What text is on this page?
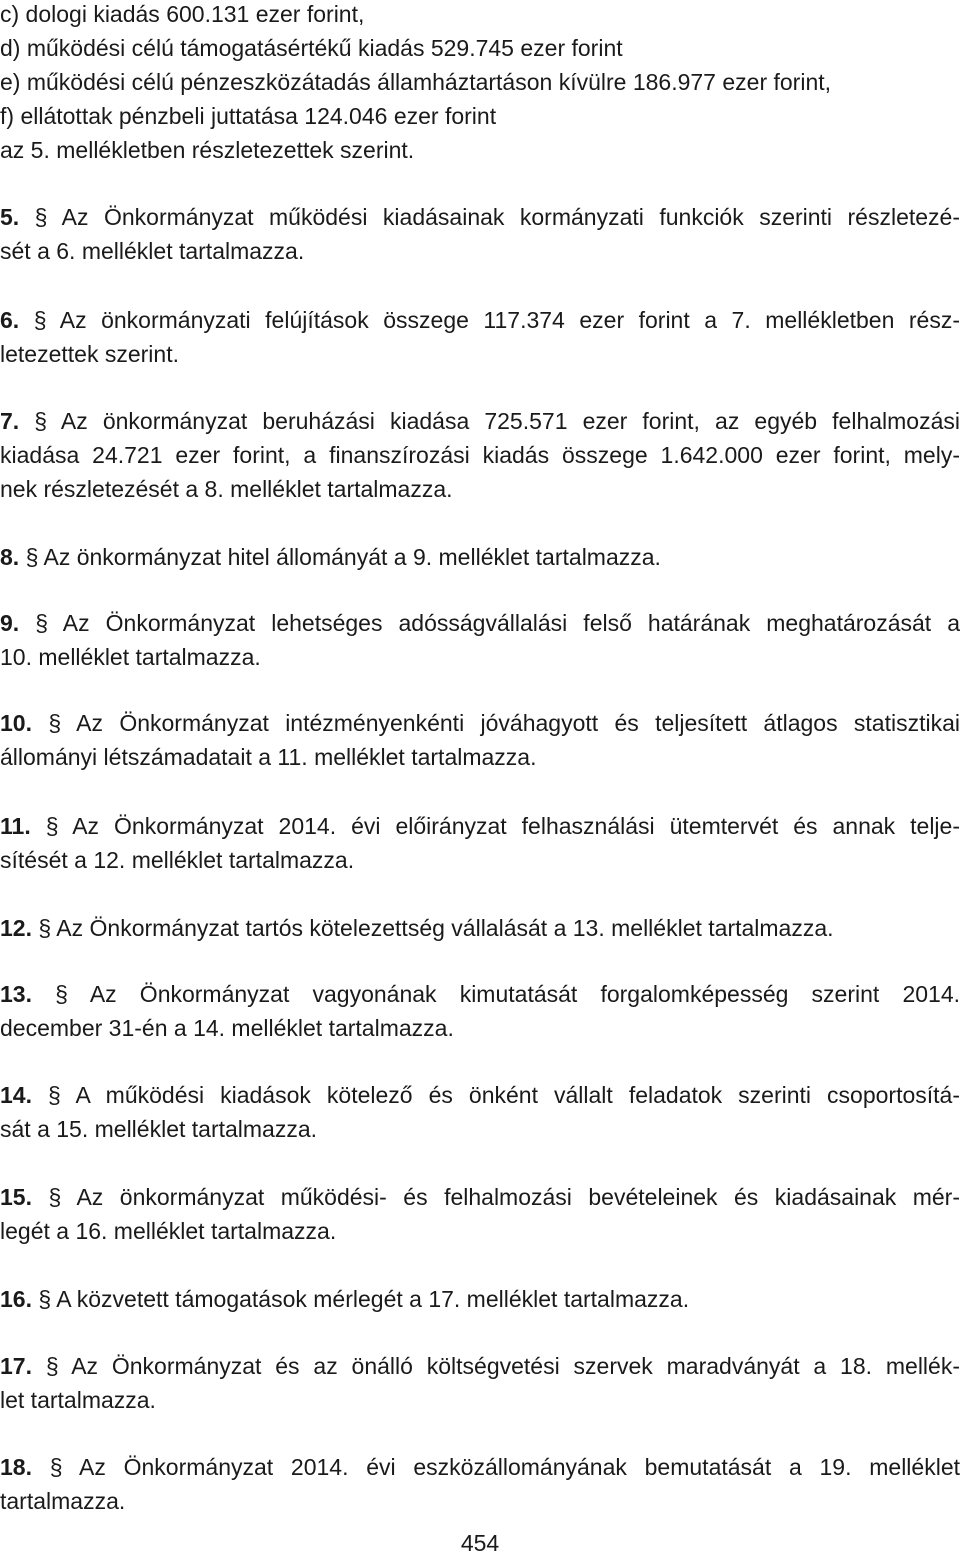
c) dologi kiadás 600.131 ezer forint,
d) működési célú támogatásértékű kiadás 529.745 ezer forint
e) működési célú pénzeszközátadás államháztartáson kívülre 186.977 ezer forint,
f) ellátottak pénzbeli juttatása 124.046 ezer forint
az 5. mellékletben részletezettek szerint.
5. § Az Önkormányzat működési kiadásainak kormányzati funkciók szerinti részletezé-
sét a 6. melléklet tartalmazza.
6. § Az önkormányzati felújítások összege 117.374 ezer forint a 7. mellékletben rész-
letezettek szerint.
7. § Az önkormányzat beruházási kiadása 725.571 ezer forint, az egyéb felhalmozási
kiadása 24.721 ezer forint, a finanszírozási kiadás összege 1.642.000 ezer forint, mely-
nek részletezését a 8. melléklet tartalmazza.
8. § Az önkormányzat hitel állományát a 9. melléklet tartalmazza.
9. § Az Önkormányzat lehetséges adósságvállalási felső határának meghatározását a
10. melléklet tartalmazza.
10. § Az Önkormányzat intézményenkénti jóváhagyott és teljesített átlagos statisztikai
állományi létszámadatait a 11. melléklet tartalmazza.
11. § Az Önkormányzat 2014. évi előirányzat felhasználási ütemtervét és annak telje-
sítését a 12. melléklet tartalmazza.
12. § Az Önkormányzat tartós kötelezettség vállalását a 13. melléklet tartalmazza.
13. § Az Önkormányzat vagyonának kimutatását forgalomképesség szerint 2014.
december 31-én a 14. melléklet tartalmazza.
14. § A működési kiadások kötelező és önként vállalt feladatok szerinti csoportosítá-
sát a 15. melléklet tartalmazza.
15. § Az önkormányzat működési- és felhalmozási bevételeinek és kiadásainak mér-
legét a 16. melléklet tartalmazza.
16. § A közvetett támogatások mérlegét a 17. melléklet tartalmazza.
17. § Az Önkormányzat és az önálló költségvetési szervek maradványát a 18. mellék-
let tartalmazza.
18. § Az Önkormányzat 2014. évi eszközállományának bemutatását a 19. melléklet
tartalmazza.
454
